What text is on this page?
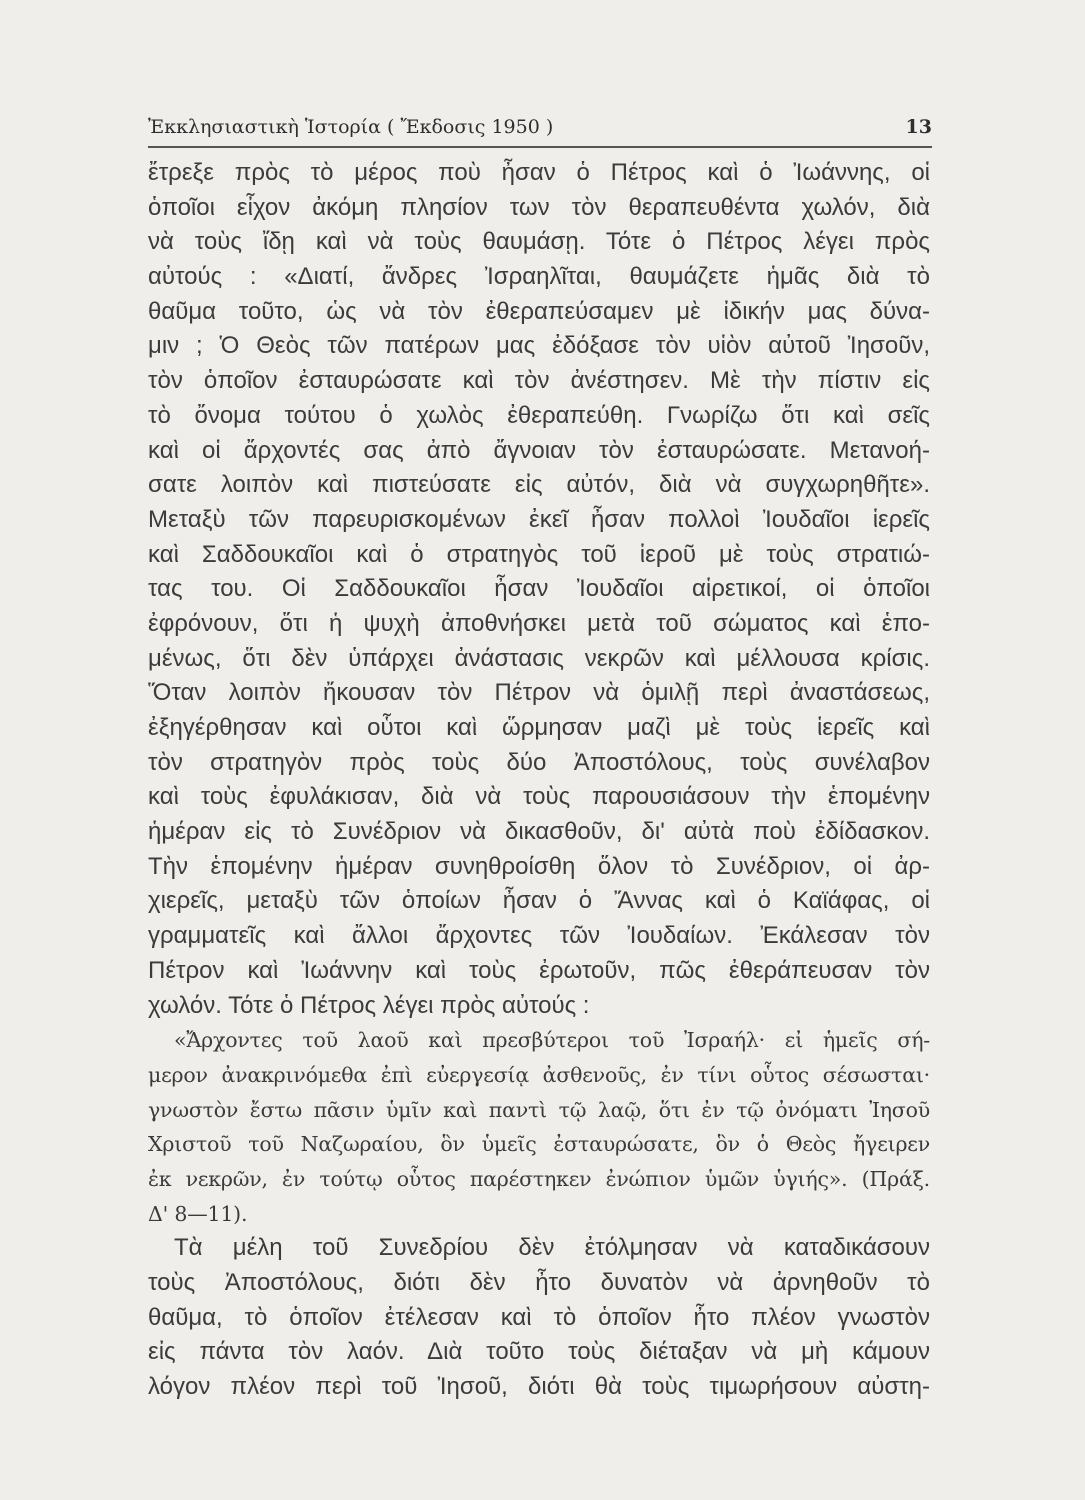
Ἐκκλησιαστικὴ Ἱστορία ( Ἔκδοσις 1950 )	13
ἔτρεξε πρὸς τὸ μέρος ποὺ ἦσαν ὁ Πέτρος καὶ ὁ Ἰωάννης, οἱ
ὁποῖοι εἶχον ἀκόμη πλησίον των τὸν θεραπευθέντα χωλόν, διὰ
νὰ τοὺς ἴδῃ καὶ νὰ τοὺς θαυμάσῃ. Τότε ὁ Πέτρος λέγει πρὸς
αὐτούς : «Διατί, ἄνδρες Ἰσραηλῖται, θαυμάζετε ἡμᾶς διὰ τὸ
θαῦμα τοῦτο, ὡς νὰ τὸν ἐθεραπεύσαμεν μὲ ἰδικήν μας δύνα-
μιν ; Ὁ Θεὸς τῶν πατέρων μας ἐδόξασε τὸν υἱὸν αὐτοῦ Ἰησοῦν,
τὸν ὁποῖον ἐσταυρώσατε καὶ τὸν ἀνέστησεν. Μὲ τὴν πίστιν εἰς
τὸ ὄνομα τούτου ὁ χωλὸς ἐθεραπεύθη. Γνωρίζω ὅτι καὶ σεῖς
καὶ οἱ ἄρχοντές σας ἀπὸ ἄγνοιαν τὸν ἐσταυρώσατε. Μετανοή-
σατε λοιπὸν καὶ πιστεύσατε εἰς αὐτόν, διὰ νὰ συγχωρηθῆτε».
Μεταξὺ τῶν παρευρισκομένων ἐκεῖ ἦσαν πολλοὶ Ἰουδαῖοι ἱερεῖς
καὶ Σαδδουκαῖοι καὶ ὁ στρατηγὸς τοῦ ἱεροῦ μὲ τοὺς στρατιώ-
τας του. Οἱ Σαδδουκαῖοι ἦσαν Ἰουδαῖοι αἱρετικοί, οἱ ὁποῖοι
ἐφρόνουν, ὅτι ἡ ψυχὴ ἀποθνήσκει μετὰ τοῦ σώματος καὶ ἑπο-
μένως, ὅτι δὲν ὑπάρχει ἀνάστασις νεκρῶν καὶ μέλλουσα κρίσις.
Ὅταν λοιπὸν ἤκουσαν τὸν Πέτρον νὰ ὁμιλῇ περὶ ἀναστάσεως,
ἐξηγέρθησαν καὶ οὗτοι καὶ ὥρμησαν μαζὶ μὲ τοὺς ἱερεῖς καὶ
τὸν στρατηγὸν πρὸς τοὺς δύο Ἀποστόλους, τοὺς συνέλαβον
καὶ τοὺς ἐφυλάκισαν, διὰ νὰ τοὺς παρουσιάσουν τὴν ἑπομένην
ἡμέραν εἰς τὸ Συνέδριον νὰ δικασθοῦν, δι' αὐτὰ ποὺ ἐδίδασκον.
Τὴν ἑπομένην ἡμέραν συνηθροίσθη ὅλον τὸ Συνέδριον, οἱ ἀρ-
χιερεῖς, μεταξὺ τῶν ὁποίων ἦσαν ὁ Ἄννας καὶ ὁ Καϊάφας, οἱ
γραμματεῖς καὶ ἄλλοι ἄρχοντες τῶν Ἰουδαίων. Ἐκάλεσαν τὸν
Πέτρον καὶ Ἰωάννην καὶ τοὺς ἐρωτοῦν, πῶς ἐθεράπευσαν τὸν
χωλόν. Τότε ὁ Πέτρος λέγει πρὸς αὐτούς :
«Ἄρχοντες τοῦ λαοῦ καὶ πρεσβύτεροι τοῦ Ἰσραήλ· εἰ ἡμεῖς σή-
μερον ἀνακρινόμεθα ἐπὶ εὐεργεσίᾳ ἀσθενοῦς, ἐν τίνι οὗτος σέσωσται·
γνωστὸν ἔστω πᾶσιν ὑμῖν καὶ παντὶ τῷ λαῷ, ὅτι ἐν τῷ ὀνόματι Ἰησοῦ
Χριστοῦ τοῦ Ναζωραίου, ὃν ὑμεῖς ἐσταυρώσατε, ὃν ὁ Θεὸς ἤγειρεν
ἐκ νεκρῶν, ἐν τούτῳ οὗτος παρέστηκεν ἐνώπιον ὑμῶν ὑγιής». (Πράξ.
Δ' 8—11).
Τὰ μέλη τοῦ Συνεδρίου δὲν ἐτόλμησαν νὰ καταδικάσουν
τοὺς Ἀποστόλους, διότι δὲν ἦτο δυνατὸν νὰ ἀρνηθοῦν τὸ
θαῦμα, τὸ ὁποῖον ἐτέλεσαν καὶ τὸ ὁποῖον ἦτο πλέον γνωστὸν
εἰς πάντα τὸν λαόν. Διὰ τοῦτο τοὺς διέταξαν νὰ μὴ κάμουν
λόγον πλέον περὶ τοῦ Ἰησοῦ, διότι θὰ τοὺς τιμωρήσουν αὐστη-
